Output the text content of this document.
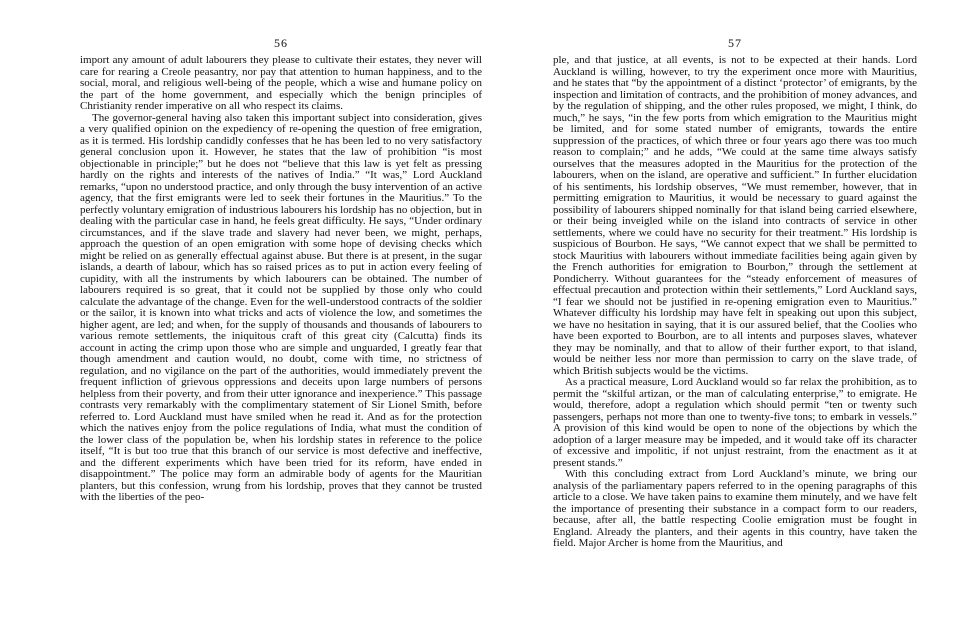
56

import any amount of adult labourers they please to cultivate their estates, they never will care for rearing a Creole peasantry, nor pay that attention to human happiness, and to the social, moral, and religious well-being of the people, which a wise and humane policy on the part of the home government, and especially which the benign principles of Christianity render imperative on all who respect its claims.

The governor-general having also taken this important subject into consideration, gives a very qualified opinion on the expediency of re-opening the question of free emigration, as it is termed. His lordship candidly confesses that he has been led to no very satisfactory general conclusion upon it. However, he states that the law of prohibition “is most objectionable in principle;” but he does not “believe that this law is yet felt as pressing hardly on the rights and interests of the natives of India.” “It was,” Lord Auckland remarks, “upon no understood practice, and only through the busy intervention of an active agency, that the first emigrants were led to seek their fortunes in the Mauritius.” To the perfectly voluntary emigration of industrious labourers his lordship has no objection, but in dealing with the particular case in hand, he feels great difficulty. He says, “Under ordinary circumstances, and if the slave trade and slavery had never been, we might, perhaps, approach the question of an open emigration with some hope of devising checks which might be relied on as generally effectual against abuse. But there is at present, in the sugar islands, a dearth of labour, which has so raised prices as to put in action every feeling of cupidity, with all the instruments by which labourers can be obtained. The number of labourers required is so great, that it could not be supplied by those only who could calculate the advantage of the change. Even for the well-understood contracts of the soldier or the sailor, it is known into what tricks and acts of violence the low, and sometimes the higher agent, are led; and when, for the supply of thousands and thousands of labourers to various remote settlements, the iniquitous craft of this great city (Calcutta) finds its account in acting the crimp upon those who are simple and unguarded, I greatly fear that though amendment and caution would, no doubt, come with time, no strictness of regulation, and no vigilance on the part of the authorities, would immediately prevent the frequent infliction of grievous oppressions and deceits upon large numbers of persons helpless from their poverty, and from their utter ignorance and inexperience.” This passage contrasts very remarkably with the complimentary statement of Sir Lionel Smith, before referred to. Lord Auckland must have smiled when he read it. And as for the protection which the natives enjoy from the police regulations of India, what must the condition of the lower class of the population be, when his lordship states in reference to the police itself, “It is but too true that this branch of our service is most defective and ineffective, and the different experiments which have been tried for its reform, have ended in disappointment.” The police may form an admirable body of agents for the Mauritian planters, but this confession, wrung from his lordship, proves that they cannot be trusted with the liberties of the peo-

57

ple, and that justice, at all events, is not to be expected at their hands. Lord Auckland is willing, however, to try the experiment once more with Mauritius, and he states that “by the appointment of a distinct ‘protector’ of emigrants, by the inspection and limitation of contracts, and the prohibition of money advances, and by the regulation of shipping, and the other rules proposed, we might, I think, do much,” he says, “in the few ports from which emigration to the Mauritius might be limited, and for some stated number of emigrants, towards the entire suppression of the practices, of which three or four years ago there was too much reason to complain;” and he adds, “We could at the same time always satisfy ourselves that the measures adopted in the Mauritius for the protection of the labourers, when on the island, are operative and sufficient.” In further elucidation of his sentiments, his lordship observes, “We must remember, however, that in permitting emigration to Mauritius, it would be necessary to guard against the possibility of labourers shipped nominally for that island being carried elsewhere, or their being inveigled while on the island into contracts of service in other settlements, where we could have no security for their treatment.” His lordship is suspicious of Bourbon. He says, “We cannot expect that we shall be permitted to stock Mauritius with labourers without immediate facilities being again given by the French authorities for emigration to Bourbon,” through the settlement at Pondicherry. Without guarantees for the “steady enforcement of measures of effectual precaution and protection within their settlements,” Lord Auckland says, “I fear we should not be justified in re-opening emigration even to Mauritius.” Whatever difficulty his lordship may have felt in speaking out upon this subject, we have no hesitation in saying, that it is our assured belief, that the Coolies who have been exported to Bourbon, are to all intents and purposes slaves, whatever they may be nominally, and that to allow of their further export, to that island, would be neither less nor more than permission to carry on the slave trade, of which British subjects would be the victims.

As a practical measure, Lord Auckland would so far relax the prohibition, as to permit the “skilful artizan, or the man of calculating enterprise,” to emigrate. He would, therefore, adopt a regulation which should permit “ten or twenty such passengers, perhaps not more than one to twenty-five tons; to embark in vessels.” A provision of this kind would be open to none of the objections by which the adoption of a larger measure may be impeded, and it would take off its character of excessive and impolitic, if not unjust restraint, from the enactment as it at present stands.”

With this concluding extract from Lord Auckland’s minute, we bring our analysis of the parliamentary papers referred to in the opening paragraphs of this article to a close. We have taken pains to examine them minutely, and we have felt the importance of presenting their substance in a compact form to our readers, because, after all, the battle respecting Coolie emigration must be fought in England. Already the planters, and their agents in this country, have taken the field. Major Archer is home from the Mauritius, and
